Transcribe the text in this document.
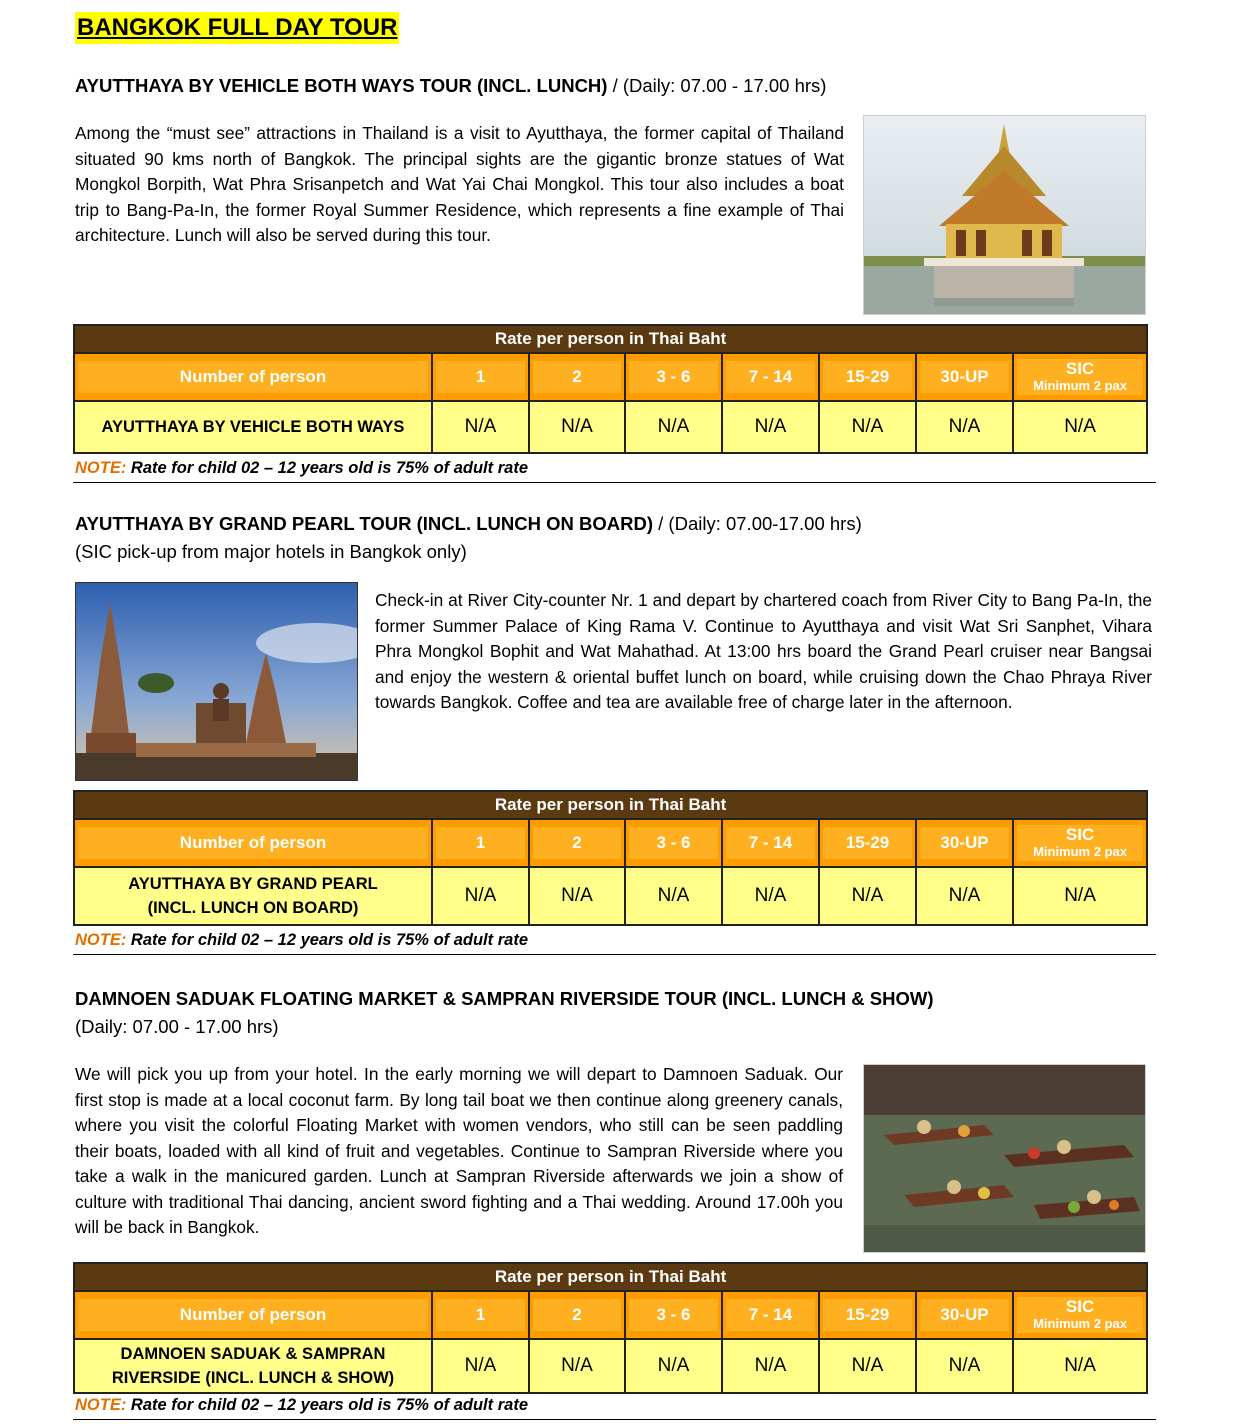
BANGKOK FULL DAY TOUR
AYUTTHAYA BY VEHICLE BOTH WAYS TOUR (INCL. LUNCH) / (Daily: 07.00 - 17.00 hrs)
Among the “must see” attractions in Thailand is a visit to Ayutthaya, the former capital of Thailand situated 90 kms north of Bangkok. The principal sights are the gigantic bronze statues of Wat Mongkol Borpith, Wat Phra Srisanpetch and Wat Yai Chai Mongkol. This tour also includes a boat trip to Bang-Pa-In, the former Royal Summer Residence, which represents a fine example of Thai architecture. Lunch will also be served during this tour.
Rate per person in Thai Baht							

Number of person	1	2	3 - 6	7 - 14	15-29	30-UP	SIC
Minimum 2 pax

AYUTTHAYA BY VEHICLE BOTH WAYS	N/A	N/A	N/A	N/A	N/A	N/A	N/A
NOTE: Rate for child 02 – 12 years old is 75% of adult rate
AYUTTHAYA BY GRAND PEARL TOUR (INCL. LUNCH ON BOARD) / (Daily: 07.00-17.00 hrs)
(SIC pick-up from major hotels in Bangkok only)
Check-in at River City-counter Nr. 1 and depart by chartered coach from River City to Bang Pa-In, the former Summer Palace of King Rama V. Continue to Ayutthaya and visit Wat Sri Sanphet, Vihara Phra Mongkol Bophit and Wat Mahathad. At 13:00 hrs board the Grand Pearl cruiser near Bangsai and enjoy the western & oriental buffet lunch on board, while cruising down the Chao Phraya River towards Bangkok. Coffee and tea are available free of charge later in the afternoon.
Rate per person in Thai Baht							

Number of person	1	2	3 - 6	7 - 14	15-29	30-UP	SIC
Minimum 2 pax

AYUTTHAYA BY GRAND PEARL
(INCL. LUNCH ON BOARD)	N/A	N/A	N/A	N/A	N/A	N/A	N/A
NOTE: Rate for child 02 – 12 years old is 75% of adult rate
DAMNOEN SADUAK FLOATING MARKET & SAMPRAN RIVERSIDE TOUR (INCL. LUNCH & SHOW)
(Daily: 07.00 - 17.00 hrs)
We will pick you up from your hotel. In the early morning we will depart to Damnoen Saduak. Our first stop is made at a local coconut farm. By long tail boat we then continue along greenery canals, where you visit the colorful Floating Market with women vendors, who still can be seen paddling their boats, loaded with all kind of fruit and vegetables. Continue to Sampran Riverside where you take a walk in the manicured garden. Lunch at Sampran Riverside afterwards we join a show of culture with traditional Thai dancing, ancient sword fighting and a Thai wedding. Around 17.00h you will be back in Bangkok.
Rate per person in Thai Baht							

Number of person	1	2	3 - 6	7 - 14	15-29	30-UP	SIC
Minimum 2 pax

DAMNOEN SADUAK & SAMPRAN
RIVERSIDE (INCL. LUNCH & SHOW)	N/A	N/A	N/A	N/A	N/A	N/A	N/A
NOTE: Rate for child 02 – 12 years old is 75% of adult rate
